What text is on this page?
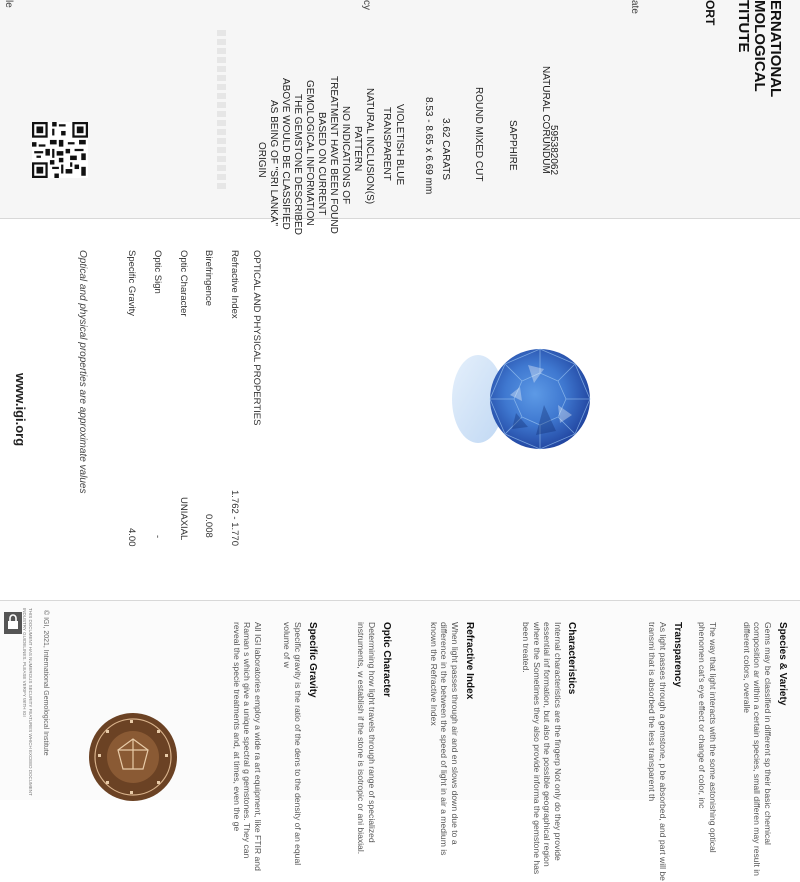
ERNATIONAL
MOLOGICAL
TITUTE
ORT
ate
cy
le
595382062
NATURAL CORUNDUM
SAPPHIRE
ROUND MIXED CUT
3.62 CARATS
8.53 - 8.65 x 6.69 mm
VIOLETISH BLUE
TRANSPARENT
NATURAL INCLUSION(S)
PATTERN
NO INDICATIONS OF
TREATMENT HAVE BEEN FOUND
BASED ON CURRENT
GEMOLOGICAL INFORMATION
THE GEMSTONE DESCRIBED
ABOVE WOULD BE CLASSIFIED
AS BEING OF "SRI LANKA"
ORIGIN
OPTICAL AND PHYSICAL PROPERTIES
Refractive Index
Birefringence
Optic Character
Optic Sign
Specific Gravity
1.762 - 1.770
0.008
UNIAXIAL
-
4.00
Optical and physical properties are approximate values
www.igi.org
Species & Variety
Gems may be classified in different sp their basic chemical composition ar within a certain species, small differen may result in different colors, overalle
The way that light interacts with the some astonishing optical phenomen cat's eye effect or change of color, inc
Transparency
As light passes through a gemstone, p be absorbed, and part will be transmi that is absorbed the less transparent th
Characteristics
Internal characteristics are the fingerp Not only do they provide essential inf formation, but also the possible geographical region where the Sometimes they also provide informa the gemstone has been treated.
Refractive Index
When light passes through air and en slows down due to a difference in the between the speed of light in air a medium is known the Refractive Index
Optic Character
Determining how light travels through range of specialized instruments, w establish if the stone is isotropic or ani biaxial.
Specific Gravity
Specific gravity is the ratio of the dens to the density of an equal volume of w
All IGI laboratories employ a wide ra art equipment, like FTIR and Raman s which give a unique spectral g gemstones. They can reveal the specie treatments and, at times, even the ge
© IGI, 2021, International Gemological Institute
THIS DOCUMENT HAS NUMEROUS SECURITY FEATURES WHICH EXCEED DOCUMENT INDUSTRY GUIDELINES. PLEASE VERIFY WITH IGI
